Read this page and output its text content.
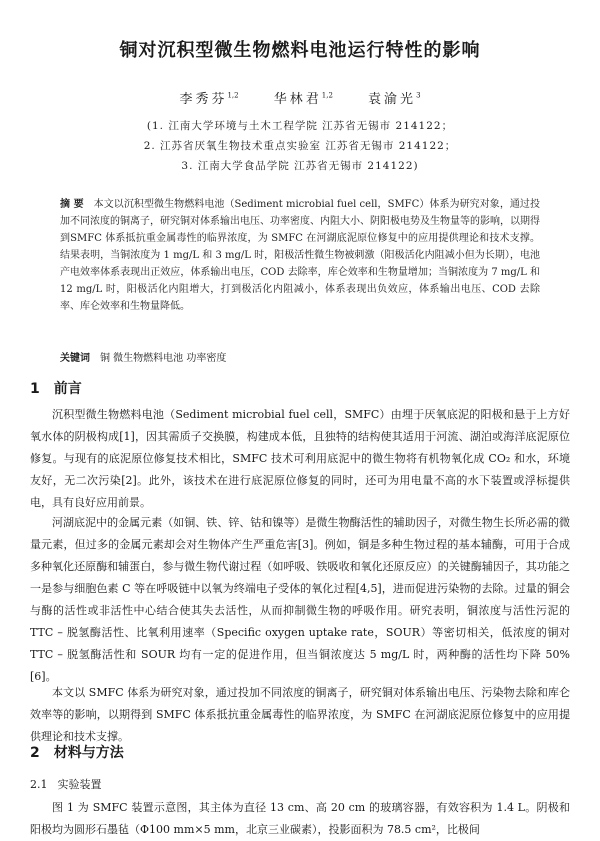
铜对沉积型微生物燃料电池运行特性的影响
李秀芬$^{1,2}$	华林君$^{1,2}$	袁渝光$^3$
(1. 江南大学环境与土木工程学院 江苏省无锡市 214122；
2. 江苏省厌氧生物技术重点实验室 江苏省无锡市 214122；
3. 江南大学食品学院 江苏省无锡市 214122)
摘 要 本文以沉积型微生物燃料电池（Sediment microbial fuel cell，SMFC）体系为研究对象，通过投加不同浓度的铜离子，研究铜对体系输出电压、功率密度、内阻大小、阴阳极电势及生物量等的影响，以期得到SMFC 体系抵抗重金属毒性的临界浓度，为 SMFC 在河湖底泥原位修复中的应用提供理论和技术支撑。结果表明，当铜浓度为 1 mg/L 和 3 mg/L 时，阳极活性微生物被刺激（阳极活化内阻减小但为长期），电池产电效率体系表现出正效应，体系输出电压，COD 去除率，库仑效率和生物量增加；当铜浓度为 7 mg/L 和 12 mg/L 时，阳极活化内阻增大，打到极活化内阻减小，体系表现出负效应，体系输出电压、COD 去除率、库仑效率和生物量降低。
关键词 铜 微生物燃料电池 功率密度
1 前言

沉积型微生物燃料电池（Sediment microbial fuel cell，SMFC）由埋于厌氧底泥的阳极和悬于上方好氧水体的阴极构成[1]，因其需质子交换膜，构建成本低，且独特的结构使其适用于河流、湖泊或海洋底泥原位修复。与现有的底泥原位修复技术相比，SMFC 技术可利用底泥中的微生物将有机物氧化成 CO₂ 和水，环境友好，无二次污染[2]。此外，该技术在进行底泥原位修复的同时，还可为用电量不高的水下装置或浮标提供电，具有良好应用前景。

河湖底泥中的金属元素（如铜、铁、锌、钴和镍等）是微生物酶活性的辅助因子，对微生物生长所必需的微量元素，但过多的金属元素却会对生物体产生严重危害[3]。例如，铜是多种生物过程的基本辅酶，可用于合成多种氧化还原酶和辅蛋白，参与微生物代谢过程（如呼吸、铁吸收和氧化还原反应）的关键酶辅因子，其功能之一是参与细胞色素 C 等在呼吸链中以氧为终端电子受体的氧化过程[4,5]，进而促进污染物的去除。过量的铜会与酶的活性或非活性中心结合使其失去活性，从而抑制微生物的呼吸作用。研究表明，铜浓度与活性污泥的 TTC – 脱氢酶活性、比氧利用速率（Specific oxygen uptake rate，SOUR）等密切相关，低浓度的铜对 TTC – 脱氢酶活性和 SOUR 均有一定的促进作用，但当铜浓度达 5 mg/L 时，两种酶的活性均下降 50%[6]。

本文以 SMFC 体系为研究对象，通过投加不同浓度的铜离子，研究铜对体系输出电压、污染物去除和库仑效率等的影响，以期得到 SMFC 体系抵抗重金属毒性的临界浓度，为 SMFC 在河湖底泥原位修复中的应用提供理论和技术支撑。

2 材料与方法
2.1 实验装置

图 1 为 SMFC 装置示意图，其主体为直径 13 cm、高 20 cm 的玻璃容器，有效容积为 1.4 L。阴极和阳极均为圆形石墨毡（Φ100 mm×5 mm，北京三业碳素），投影面积为 78.5 cm²，比极间
